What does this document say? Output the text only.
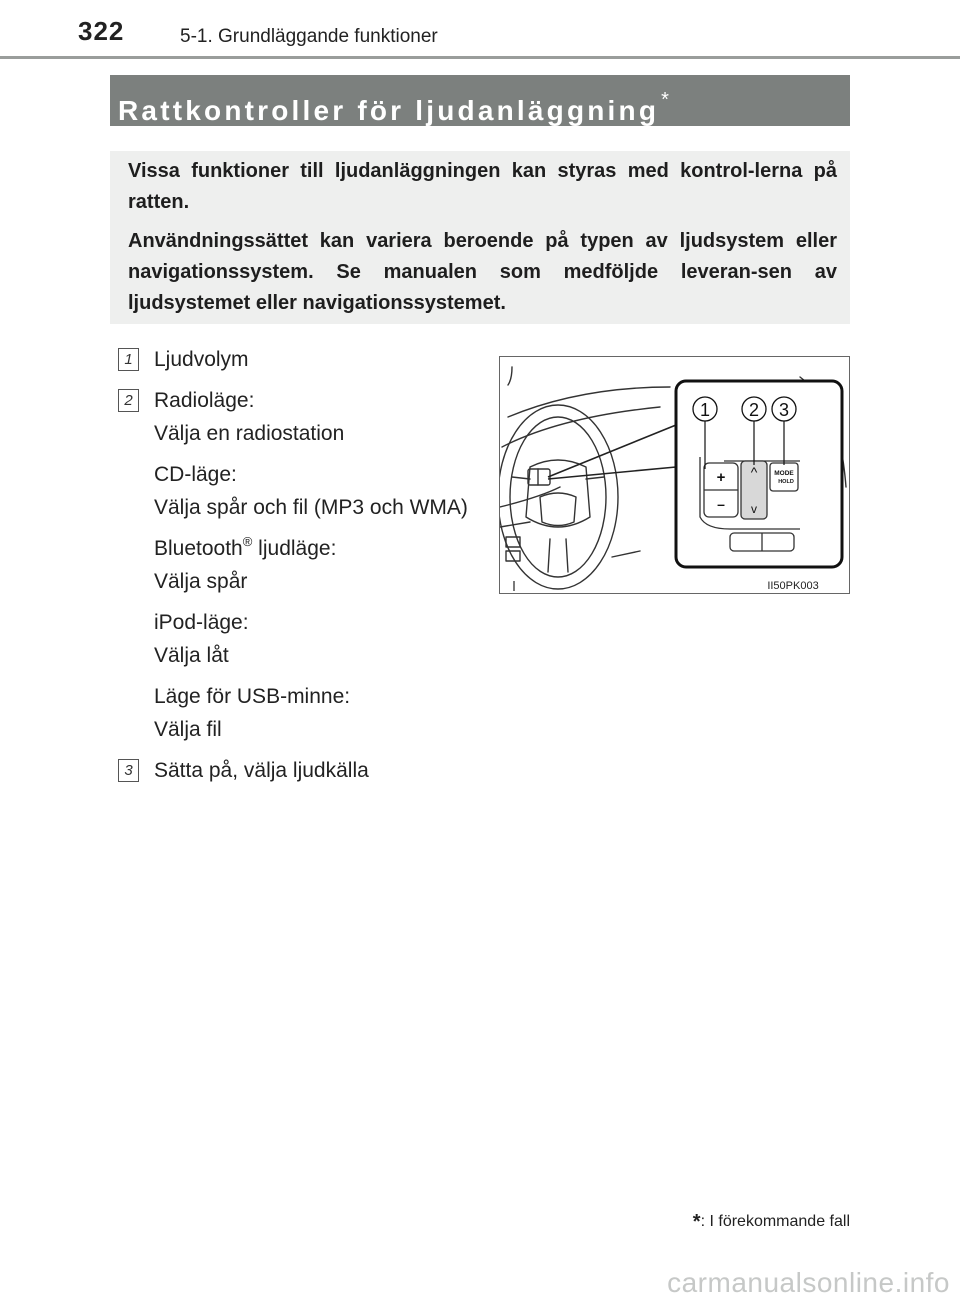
322	5-1. Grundläggande funktioner
Rattkontroller för ljudanläggning *

Vissa funktioner till ljudanläggningen kan styras med kontrol-lerna på ratten.

Användningssättet kan variera beroende på typen av ljudsystem eller navigationssystem. Se manualen som medföljde leveran-sen av ljudsystemet eller navigationssystemet.

1	Ljudvolym
2	Radioläge:
Välja en radiostation
CD-läge:
Välja spår och fil (MP3 och WMA)
Bluetooth® ljudläge:
Välja spår
iPod-läge:
Välja låt
Läge för USB-minne:
Välja fil
3	Sätta på, välja ljudkälla
+
–
^
v
MODE
HOLD
1 2 3
II50PK003
*: I förekommande fall
carmanualsonline.info
